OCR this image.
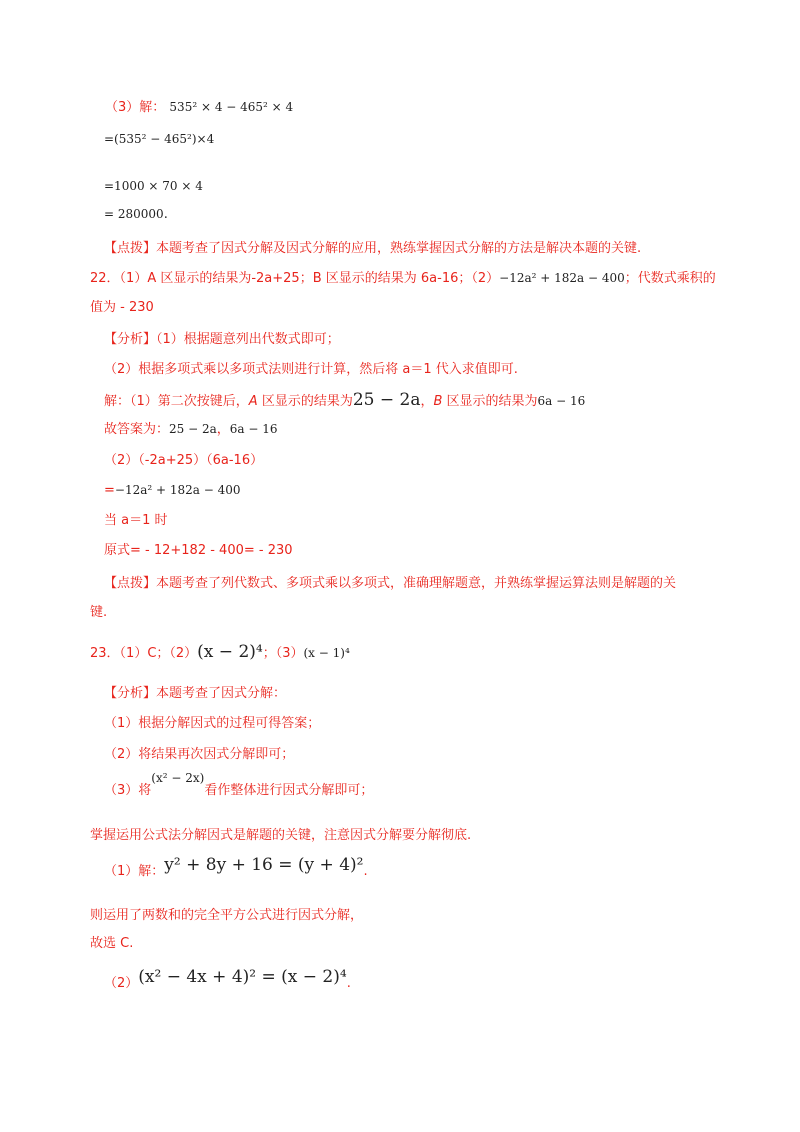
（3）解： 535² × 4 − 465² × 4
=(535² − 465²)×4
=1000 × 70 × 4
= 280000.
【点拨】本题考查了因式分解及因式分解的应用，熟练掌握因式分解的方法是解决本题的关键.
22．（1）A 区显示的结果为-2a+25；B 区显示的结果为 6a-16；（2）−12a² + 182a − 400；代数式乘积的
值为 - 230
【分析】（1）根据题意列出代数式即可；
（2）根据多项式乘以多项式法则进行计算，然后将 a＝1 代入求值即可.
解：（1）第二次按键后，A 区显示的结果为25 − 2a，B 区显示的结果为6a − 16
故答案为：25 − 2a，6a − 16
（2）（-2a+25）（6a-16）
=−12a² + 182a − 400
当 a＝1 时
原式= - 12+182 - 400= - 230
【点拨】本题考查了列代数式、多项式乘以多项式，准确理解题意，并熟练掌握运算法则是解题的关
键.
23．（1）C；（2）(x − 2)⁴；（3）(x − 1)⁴
【分析】本题考查了因式分解：
（1）根据分解因式的过程可得答案；
（2）将结果再次因式分解即可；
（3）将(x² − 2x)看作整体进行因式分解即可；
掌握运用公式法分解因式是解题的关键，注意因式分解要分解彻底.
（1）解：y² + 8y + 16 = (y + 4)².
则运用了两数和的完全平方公式进行因式分解，
故选 C.
（2）(x² − 4x + 4)² = (x − 2)⁴.
